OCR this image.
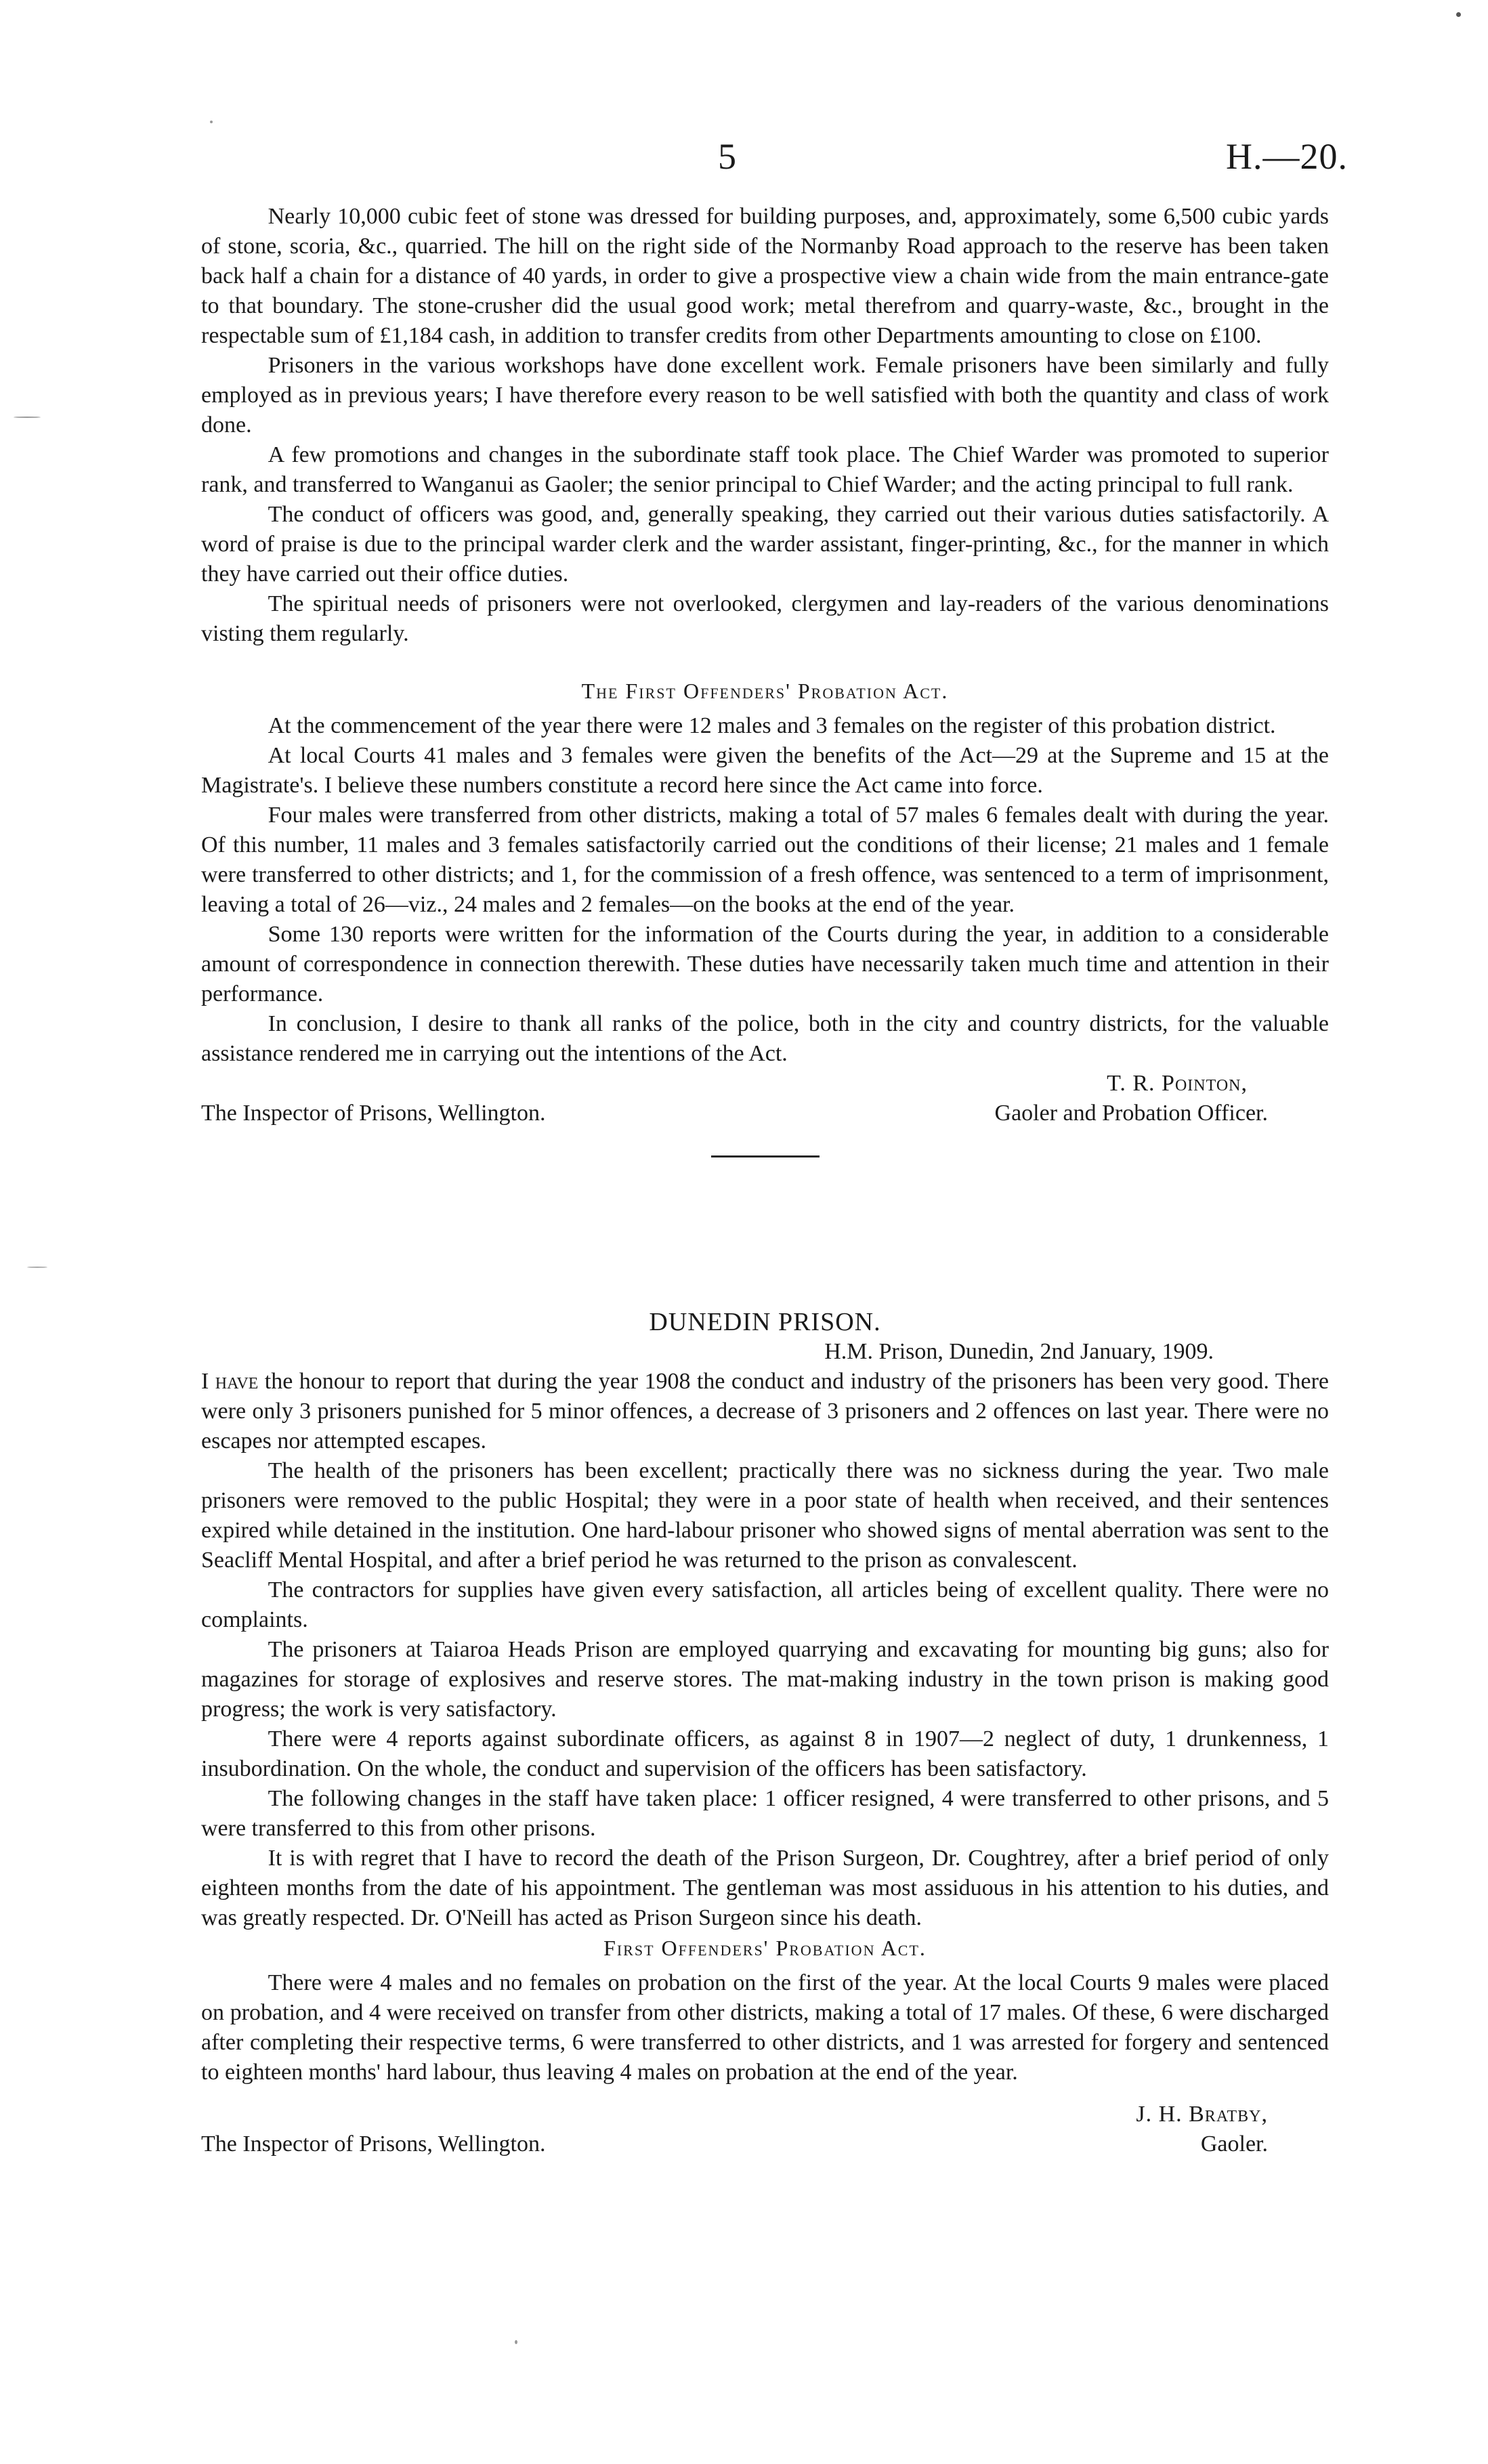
5	H.—20.

Nearly 10,000 cubic feet of stone was dressed for building purposes, and, approximately, some 6,500 cubic yards of stone, scoria, &c., quarried. The hill on the right side of the Normanby Road approach to the reserve has been taken back half a chain for a distance of 40 yards, in order to give a prospective view a chain wide from the main entrance-gate to that boundary. The stone-crusher did the usual good work; metal therefrom and quarry-waste, &c., brought in the respectable sum of £1,184 cash, in addition to transfer credits from other Departments amounting to close on £100.

Prisoners in the various workshops have done excellent work. Female prisoners have been similarly and fully employed as in previous years; I have therefore every reason to be well satisfied with both the quantity and class of work done.

A few promotions and changes in the subordinate staff took place. The Chief Warder was promoted to superior rank, and transferred to Wanganui as Gaoler; the senior principal to Chief Warder; and the acting principal to full rank.

The conduct of officers was good, and, generally speaking, they carried out their various duties satisfactorily. A word of praise is due to the principal warder clerk and the warder assistant, finger-printing, &c., for the manner in which they have carried out their office duties.

The spiritual needs of prisoners were not overlooked, clergymen and lay-readers of the various denominations visting them regularly.

The First Offenders' Probation Act.

At the commencement of the year there were 12 males and 3 females on the register of this probation district.

At local Courts 41 males and 3 females were given the benefits of the Act—29 at the Supreme and 15 at the Magistrate's. I believe these numbers constitute a record here since the Act came into force.

Four males were transferred from other districts, making a total of 57 males 6 females dealt with during the year. Of this number, 11 males and 3 females satisfactorily carried out the conditions of their license; 21 males and 1 female were transferred to other districts; and 1, for the commission of a fresh offence, was sentenced to a term of imprisonment, leaving a total of 26—viz., 24 males and 2 females—on the books at the end of the year.

Some 130 reports were written for the information of the Courts during the year, in addition to a considerable amount of correspondence in connection therewith. These duties have necessarily taken much time and attention in their performance.

In conclusion, I desire to thank all ranks of the police, both in the city and country districts, for the valuable assistance rendered me in carrying out the intentions of the Act.

T. R. Pointon,
The Inspector of Prisons, Wellington.	Gaoler and Probation Officer.
DUNEDIN PRISON.
H.M. Prison, Dunedin, 2nd January, 1909.

I have the honour to report that during the year 1908 the conduct and industry of the prisoners has been very good. There were only 3 prisoners punished for 5 minor offences, a decrease of 3 prisoners and 2 offences on last year. There were no escapes nor attempted escapes.

The health of the prisoners has been excellent; practically there was no sickness during the year. Two male prisoners were removed to the public Hospital; they were in a poor state of health when received, and their sentences expired while detained in the institution. One hard-labour prisoner who showed signs of mental aberration was sent to the Seacliff Mental Hospital, and after a brief period he was returned to the prison as convalescent.

The contractors for supplies have given every satisfaction, all articles being of excellent quality. There were no complaints.

The prisoners at Taiaroa Heads Prison are employed quarrying and excavating for mounting big guns; also for magazines for storage of explosives and reserve stores. The mat-making industry in the town prison is making good progress; the work is very satisfactory.

There were 4 reports against subordinate officers, as against 8 in 1907—2 neglect of duty, 1 drunkenness, 1 insubordination. On the whole, the conduct and supervision of the officers has been satisfactory.

The following changes in the staff have taken place: 1 officer resigned, 4 were transferred to other prisons, and 5 were transferred to this from other prisons.

It is with regret that I have to record the death of the Prison Surgeon, Dr. Coughtrey, after a brief period of only eighteen months from the date of his appointment. The gentleman was most assiduous in his attention to his duties, and was greatly respected. Dr. O'Neill has acted as Prison Surgeon since his death.

First Offenders' Probation Act.

There were 4 males and no females on probation on the first of the year. At the local Courts 9 males were placed on probation, and 4 were received on transfer from other districts, making a total of 17 males. Of these, 6 were discharged after completing their respective terms, 6 were transferred to other districts, and 1 was arrested for forgery and sentenced to eighteen months' hard labour, thus leaving 4 males on probation at the end of the year.

J. H. Bratby,
The Inspector of Prisons, Wellington.	Gaoler.
